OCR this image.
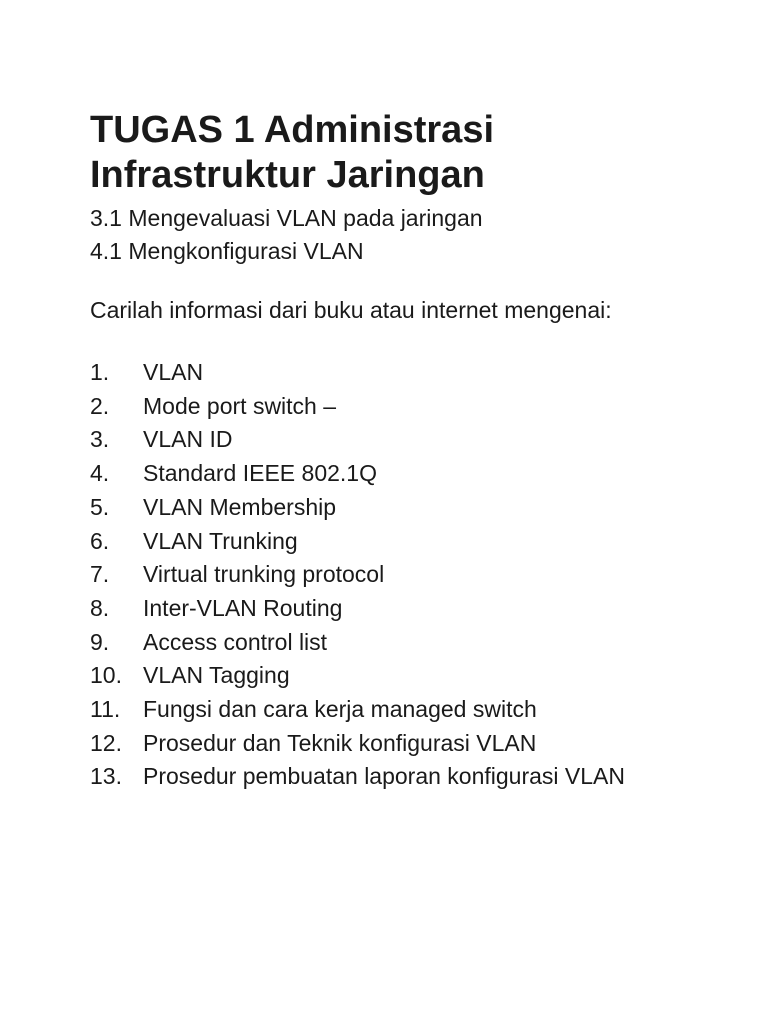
TUGAS 1 Administrasi
Infrastruktur Jaringan

3.1 Mengevaluasi VLAN pada jaringan

4.1 Mengkonfigurasi VLAN

Carilah informasi dari buku atau internet mengenai:

1.	VLAN
2.	Mode port switch –
3.	VLAN ID
4.	Standard IEEE 802.1Q
5.	VLAN Membership
6.	VLAN Trunking
7.	Virtual trunking protocol
8.	Inter-VLAN Routing
9.	Access control list
10. VLAN Tagging
11. Fungsi dan cara kerja managed switch
12. Prosedur dan Teknik konfigurasi VLAN
13. Prosedur pembuatan laporan konfigurasi VLAN
